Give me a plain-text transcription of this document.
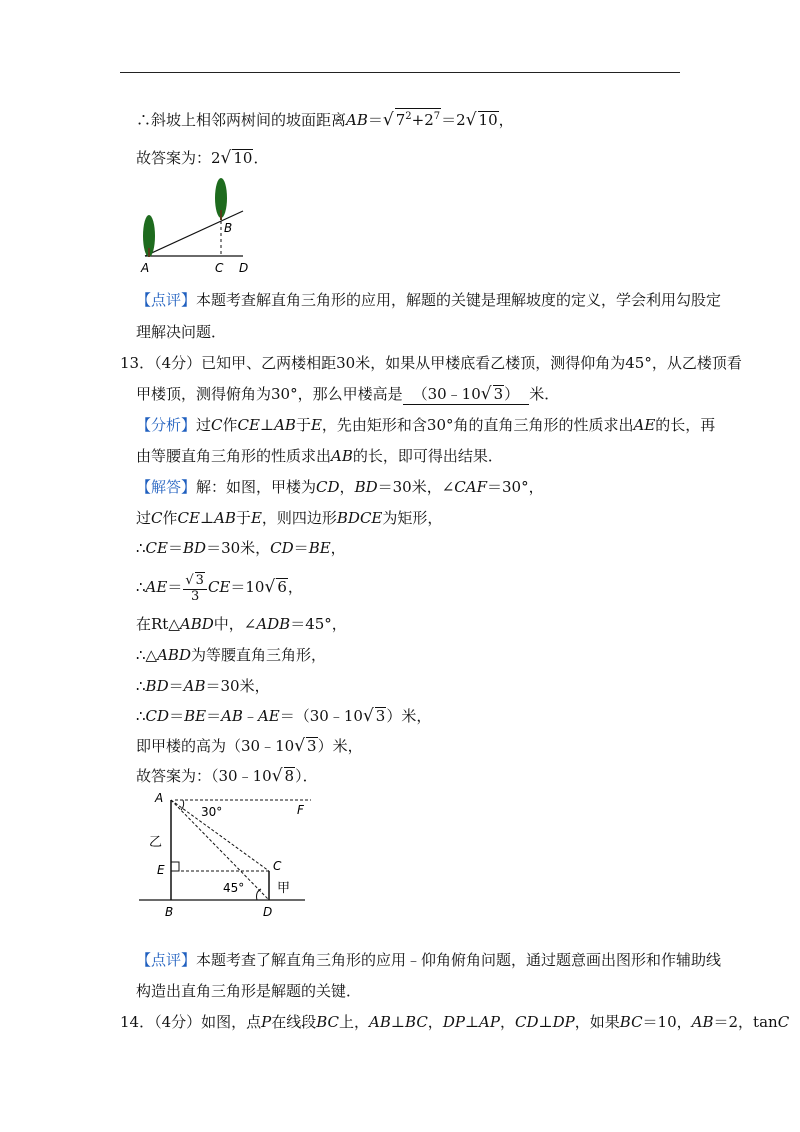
∴斜坡上相邻两树间的坡面距离AB＝√ $7^2+2^7=2√$ 10，
故答案为：2√ 10．
A
B
C D
【点评】本题考查解直角三角形的应用，解题的关键是理解坡度的定义，学会利用勾股定
理解决问题．
13．（4分）已知甲、乙两楼相距30米，如果从甲楼底看乙楼顶，测得仰角为45°，从乙楼顶看
甲楼顶，测得俯角为30°，那么甲楼高是 （30﹣10√ 3） 米．
【分析】过C作CE⊥AB于E，先由矩形和含30°角的直角三角形的性质求出AE的长，再
由等腰直角三角形的性质求出AB的长，即可得出结果．
【解答】解：如图，甲楼为CD，BD＝30米，∠CAF＝30°，
过C作CE⊥AB于E，则四边形BDCE为矩形，
∴CE＝BD＝30米，CD＝BE，
∴AE＝ $\frac{√ 3}{3} CE=10√$ 6，
在Rt△ABD中，∠ADB＝45°，
∴△ABD为等腰直角三角形，
∴BD＝AB＝30米，
∴CD＝BE＝AB﹣AE＝（30﹣10√ 3）米，
即甲楼的高为（30﹣10√ 3）米，
故答案为：（30﹣10√ 8）．
A
F
30°
乙
E	C
甲
45°
B	D
【点评】本题考查了解直角三角形的应用﹣仰角俯角问题，通过题意画出图形和作辅助线
构造出直角三角形是解题的关键．
14．（4分）如图，点P在线段BC上，AB⊥BC，DP⊥AP，CD⊥DP，如果BC＝10，AB＝2，tanC
